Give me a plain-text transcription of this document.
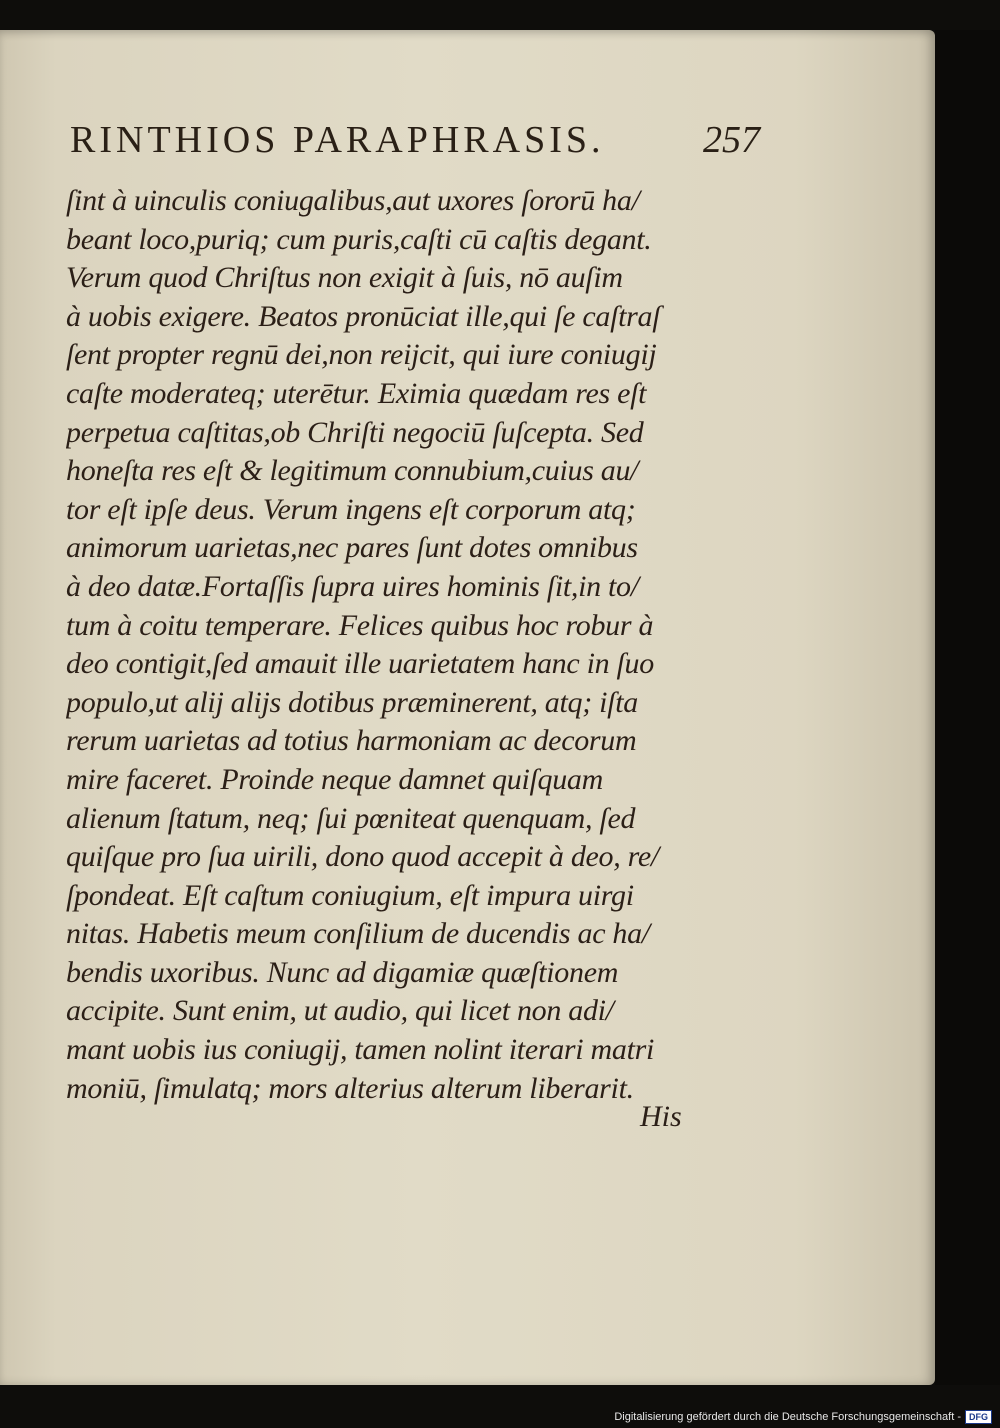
RINTHIOS PARAPHRASIS.	257
ſint à uinculis coniugalibus,aut uxores ſororū ha/
beant loco,puriq; cum puris,caſti cū caſtis degant.
Verum quod Chriſtus non exigit à ſuis, nō auſim
à uobis exigere. Beatos pronūciat ille,qui ſe caſtraſ
ſent propter regnū dei,non reijcit, qui iure coniugij
caſte moderateq; uterētur. Eximia quædam res eſt
perpetua caſtitas,ob Chriſti negociū ſuſcepta. Sed
honeſta res eſt & legitimum connubium,cuius au/
tor eſt ipſe deus. Verum ingens eſt corporum atq;
animorum uarietas,nec pares ſunt dotes omnibus
à deo datæ.Fortaſſis ſupra uires hominis ſit,in to/
tum à coitu temperare. Felices quibus hoc robur à
deo contigit,ſed amauit ille uarietatem hanc in ſuo
populo,ut alij alijs dotibus præminerent, atq; iſta
rerum uarietas ad totius harmoniam ac decorum
mire faceret. Proinde neque damnet quiſquam
alienum ſtatum, neq; ſui pœniteat quenquam, ſed
quiſque pro ſua uirili, dono quod accepit à deo, re/
ſpondeat. Eſt caſtum coniugium, eſt impura uirgi
nitas. Habetis meum conſilium de ducendis ac ha/
bendis uxoribus. Nunc ad digamiæ quæſtionem
accipite. Sunt enim, ut audio, qui licet non adi/
mant uobis ius coniugij, tamen nolint iterari matri
moniū, ſimulatq; mors alterius alterum liberarit.
His
Digitalisierung gefördert durch die Deutsche Forschungsgemeinschaft - DFG
